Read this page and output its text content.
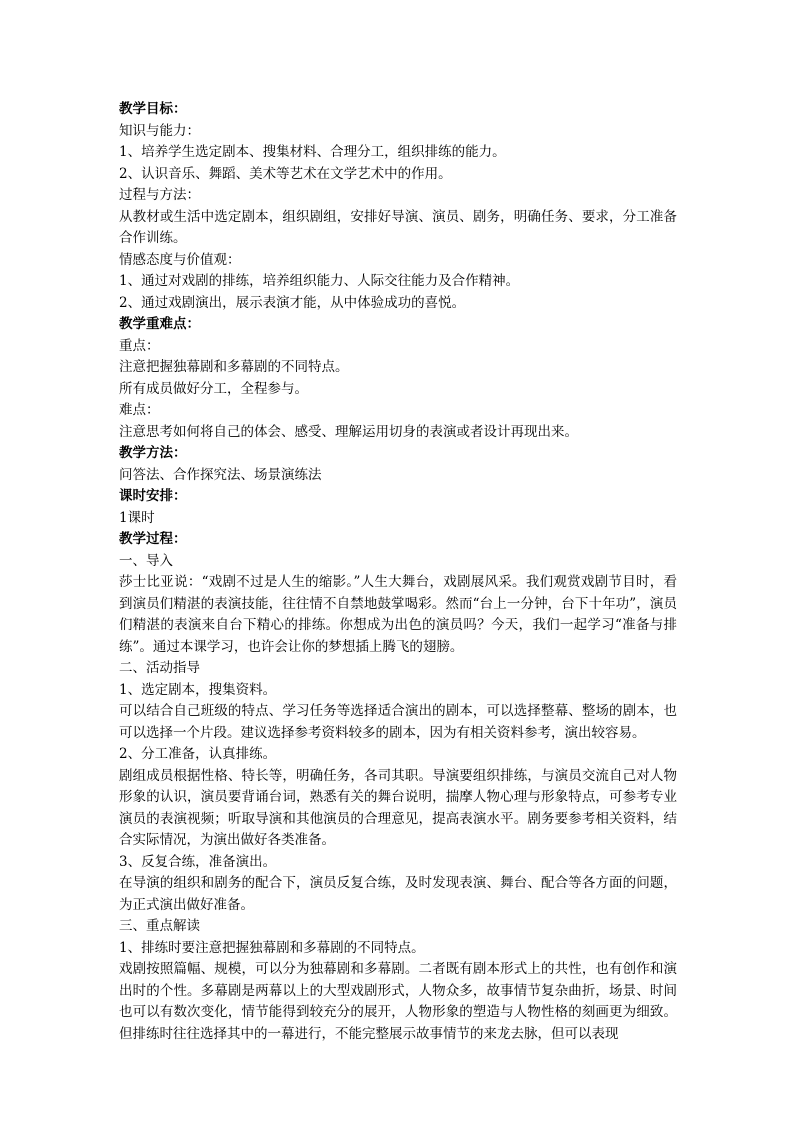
教学目标：

知识与能力：

1、培养学生选定剧本、搜集材料、合理分工，组织排练的能力。

2、认识音乐、舞蹈、美术等艺术在文学艺术中的作用。

过程与方法：

从教材或生活中选定剧本，组织剧组，安排好导演、演员、剧务，明确任务、要求，分工准备合作训练。

情感态度与价值观：

1、通过对戏剧的排练，培养组织能力、人际交往能力及合作精神。

2、通过戏剧演出，展示表演才能，从中体验成功的喜悦。

教学重难点：

重点：

注意把握独幕剧和多幕剧的不同特点。

所有成员做好分工，全程参与。

难点：

注意思考如何将自己的体会、感受、理解运用切身的表演或者设计再现出来。

教学方法：

问答法、合作探究法、场景演练法

课时安排：

1课时

教学过程：

一、导入

莎士比亚说：“戏剧不过是人生的缩影。”人生大舞台，戏剧展风采。我们观赏戏剧节目时，看到演员们精湛的表演技能，往往情不自禁地鼓掌喝彩。然而“台上一分钟，台下十年功”，演员们精湛的表演来自台下精心的排练。你想成为出色的演员吗？今天，我们一起学习“准备与排练”。通过本课学习，也许会让你的梦想插上腾飞的翅膀。

二、活动指导

1、选定剧本，搜集资料。

可以结合自己班级的特点、学习任务等选择适合演出的剧本，可以选择整幕、整场的剧本，也可以选择一个片段。建议选择参考资料较多的剧本，因为有相关资料参考，演出较容易。

2、分工准备，认真排练。

剧组成员根据性格、特长等，明确任务，各司其职。导演要组织排练，与演员交流自己对人物形象的认识，演员要背诵台词，熟悉有关的舞台说明，揣摩人物心理与形象特点，可参考专业演员的表演视频；听取导演和其他演员的合理意见，提高表演水平。剧务要参考相关资料，结合实际情况，为演出做好各类准备。

3、反复合练，准备演出。

在导演的组织和剧务的配合下，演员反复合练，及时发现表演、舞台、配合等各方面的问题，为正式演出做好准备。

三、重点解读

1、排练时要注意把握独幕剧和多幕剧的不同特点。

戏剧按照篇幅、规模，可以分为独幕剧和多幕剧。二者既有剧本形式上的共性，也有创作和演出时的个性。多幕剧是两幕以上的大型戏剧形式，人物众多，故事情节复杂曲折，场景、时间也可以有数次变化，情节能得到较充分的展开，人物形象的塑造与人物性格的刻画更为细致。但排练时往往选择其中的一幕进行，不能完整展示故事情节的来龙去脉，但可以表现
